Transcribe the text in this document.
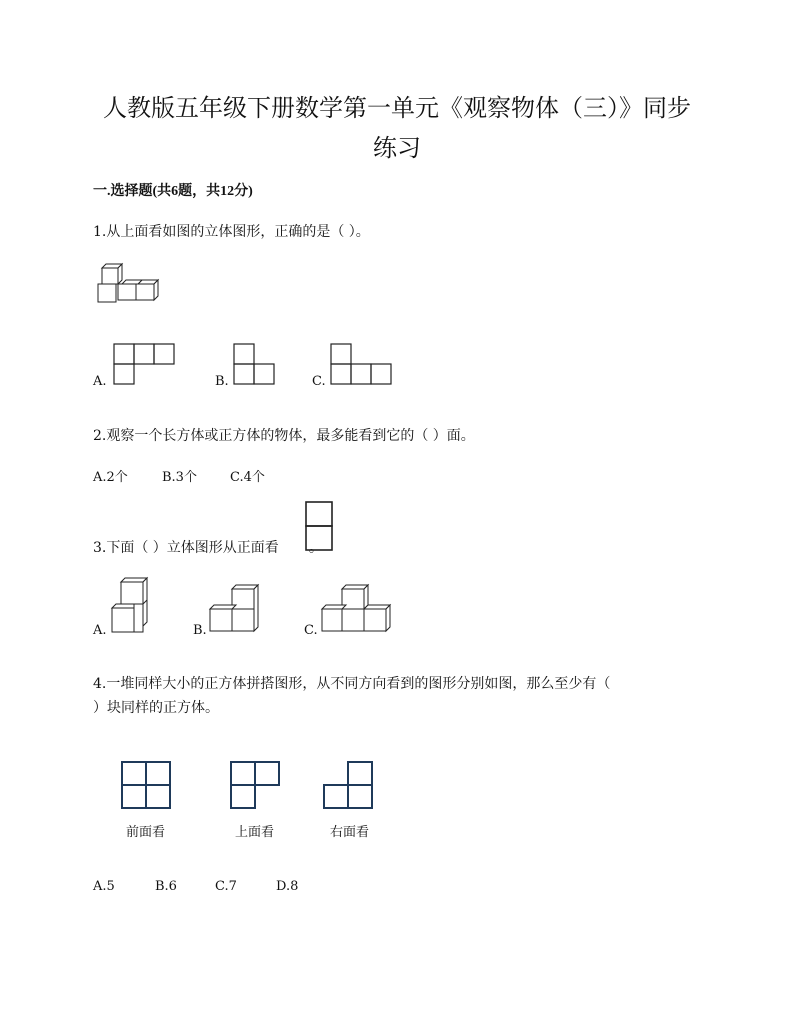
人教版五年级下册数学第一单元《观察物体（三）》同步
练习
一.选择题(共6题，共12分)
1.从上面看如图的立体图形，正确的是（ ）。
A.	B.	C.
2.观察一个长方体或正方体的物体，最多能看到它的（ ）面。
A.2个	B.3个	C.4个
3.下面（ ）立体图形从正面看 。
A.	B.	C.
4.一堆同样大小的正方体拼搭图形，从不同方向看到的图形分别如图，那么至少有（
）块同样的正方体。
前面看	上面看	右面看
A.5	B.6	C.7	D.8
